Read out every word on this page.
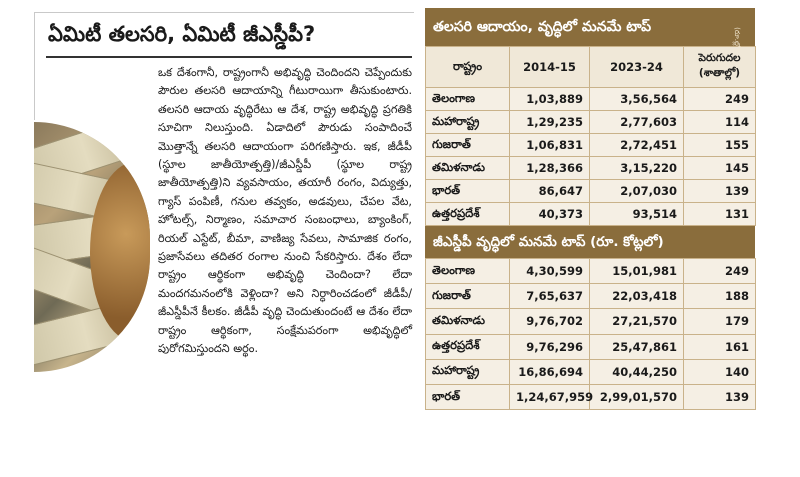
ఏమిటీ తలసరి, ఏమిటీ జీఎస్డీపీ?

ఒక దేశంగానీ, రాష్ట్రంగానీ అభివృద్ధి చెందిందని చెప్పేందుకు పౌరుల తలసరి ఆదాయాన్ని గీటురాయిగా తీసుకుంటారు. తలసరి ఆదాయ వృద్ధిరేటు ఆ దేశ, రాష్ట్ర అభివృద్ధి ప్రగతికి సూచిగా నిలుస్తుంది. ఏడాదిలో పౌరుడు సంపాదించే మొత్తాన్నే తలసరి ఆదాయంగా పరిగణిస్తారు. ఇక, జీడీపీ (స్థూల జాతీయోత్పత్తి)/జీఎస్డీపీ (స్థూల రాష్ట్ర జాతీయోత్పత్తి)ని వ్యవసాయం, తయారీ రంగం, విద్యుత్తు, గ్యాస్ పంపిణీ, గనుల తవ్వకం, అడవులు, చేపల వేట, హోటల్స్, నిర్మాణం, సమాచార సంబంధాలు, బ్యాంకింగ్, రియల్ ఎస్టేట్, బీమా, వాణిజ్య సేవలు, సామాజిక రంగం, ప్రజాసేవలు తదితర రంగాల నుంచి సేకరిస్తారు. దేశం లేదా రాష్ట్రం ఆర్థికంగా అభివృద్ధి చెందిందా? లేదా మందగమనంలోకి వెళ్లిందా? అని నిర్ధారించడంలో జీడీపీ/జీఎస్డీపీనే కీలకం. జీడీపీ వృద్ధి చెందుతుందంటే ఆ దేశం లేదా రాష్ట్రం ఆర్థికంగా, సంక్షేమపరంగా అభివృద్ధిలో పురోగమిస్తుందని అర్థం.

తలసరి ఆదాయం, వృద్ధిలో మనమే టాప్
(రూ.ల్లో)
రాష్ట్రం	2014-15	2023-24	పెరుగుదల (శాతాల్లో)
తెలంగాణ	1,03,889	3,56,564	249
మహారాష్ట్ర	1,29,235	2,77,603	114
గుజరాత్	1,06,831	2,72,451	155
తమిళనాడు	1,28,366	3,15,220	145
భారత్	86,647	2,07,030	139
ఉత్తరప్రదేశ్	40,373	93,514	131
జీఎస్డీపీ వృద్ధిలో మనమే టాప్ (రూ. కోట్లలో)
తెలంగాణ	4,30,599	15,01,981	249
గుజరాత్	7,65,637	22,03,418	188
తమిళనాడు	9,76,702	27,21,570	179
ఉత్తరప్రదేశ్	9,76,296	25,47,861	161
మహారాష్ట్ర	16,86,694	40,44,250	140
భారత్	1,24,67,959	2,99,01,570	139
